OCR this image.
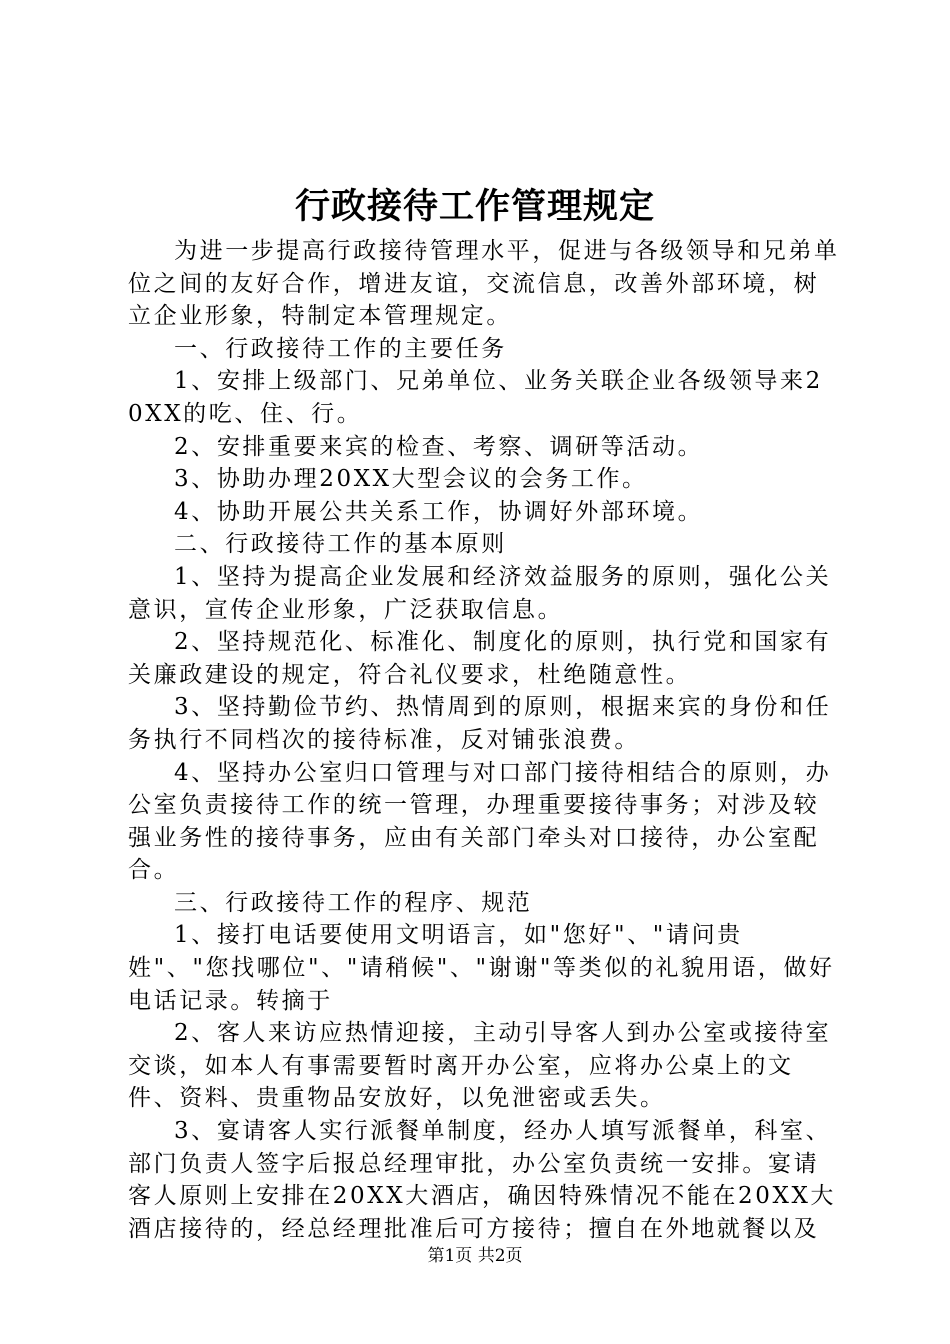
行政接待工作管理规定

为进一步提高行政接待管理水平，促进与各级领导和兄弟单位之间的友好合作，增进友谊，交流信息，改善外部环境，树立企业形象，特制定本管理规定。

一、行政接待工作的主要任务

1、安排上级部门、兄弟单位、业务关联企业各级领导来20XX的吃、住、行。

2、安排重要来宾的检查、考察、调研等活动。

3、协助办理20XX大型会议的会务工作。

4、协助开展公共关系工作，协调好外部环境。

二、行政接待工作的基本原则

1、坚持为提高企业发展和经济效益服务的原则，强化公关意识，宣传企业形象，广泛获取信息。

2、坚持规范化、标准化、制度化的原则，执行党和国家有关廉政建设的规定，符合礼仪要求，杜绝随意性。

3、坚持勤俭节约、热情周到的原则，根据来宾的身份和任务执行不同档次的接待标准，反对铺张浪费。

4、坚持办公室归口管理与对口部门接待相结合的原则，办公室负责接待工作的统一管理，办理重要接待事务；对涉及较强业务性的接待事务，应由有关部门牵头对口接待，办公室配合。

三、行政接待工作的程序、规范

1、接打电话要使用文明语言，如"您好"、"请问贵姓"、"您找哪位"、"请稍候"、"谢谢"等类似的礼貌用语，做好电话记录。转摘于

2、客人来访应热情迎接，主动引导客人到办公室或接待室交谈，如本人有事需要暂时离开办公室，应将办公桌上的文件、资料、贵重物品安放好，以免泄密或丢失。

3、宴请客人实行派餐单制度，经办人填写派餐单，科室、部门负责人签字后报总经理审批，办公室负责统一安排。宴请客人原则上安排在20XX大酒店，确因特殊情况不能在20XX大酒店接待的，经总经理批准后可方接待；擅自在外地就餐以及

第1页 共2页
